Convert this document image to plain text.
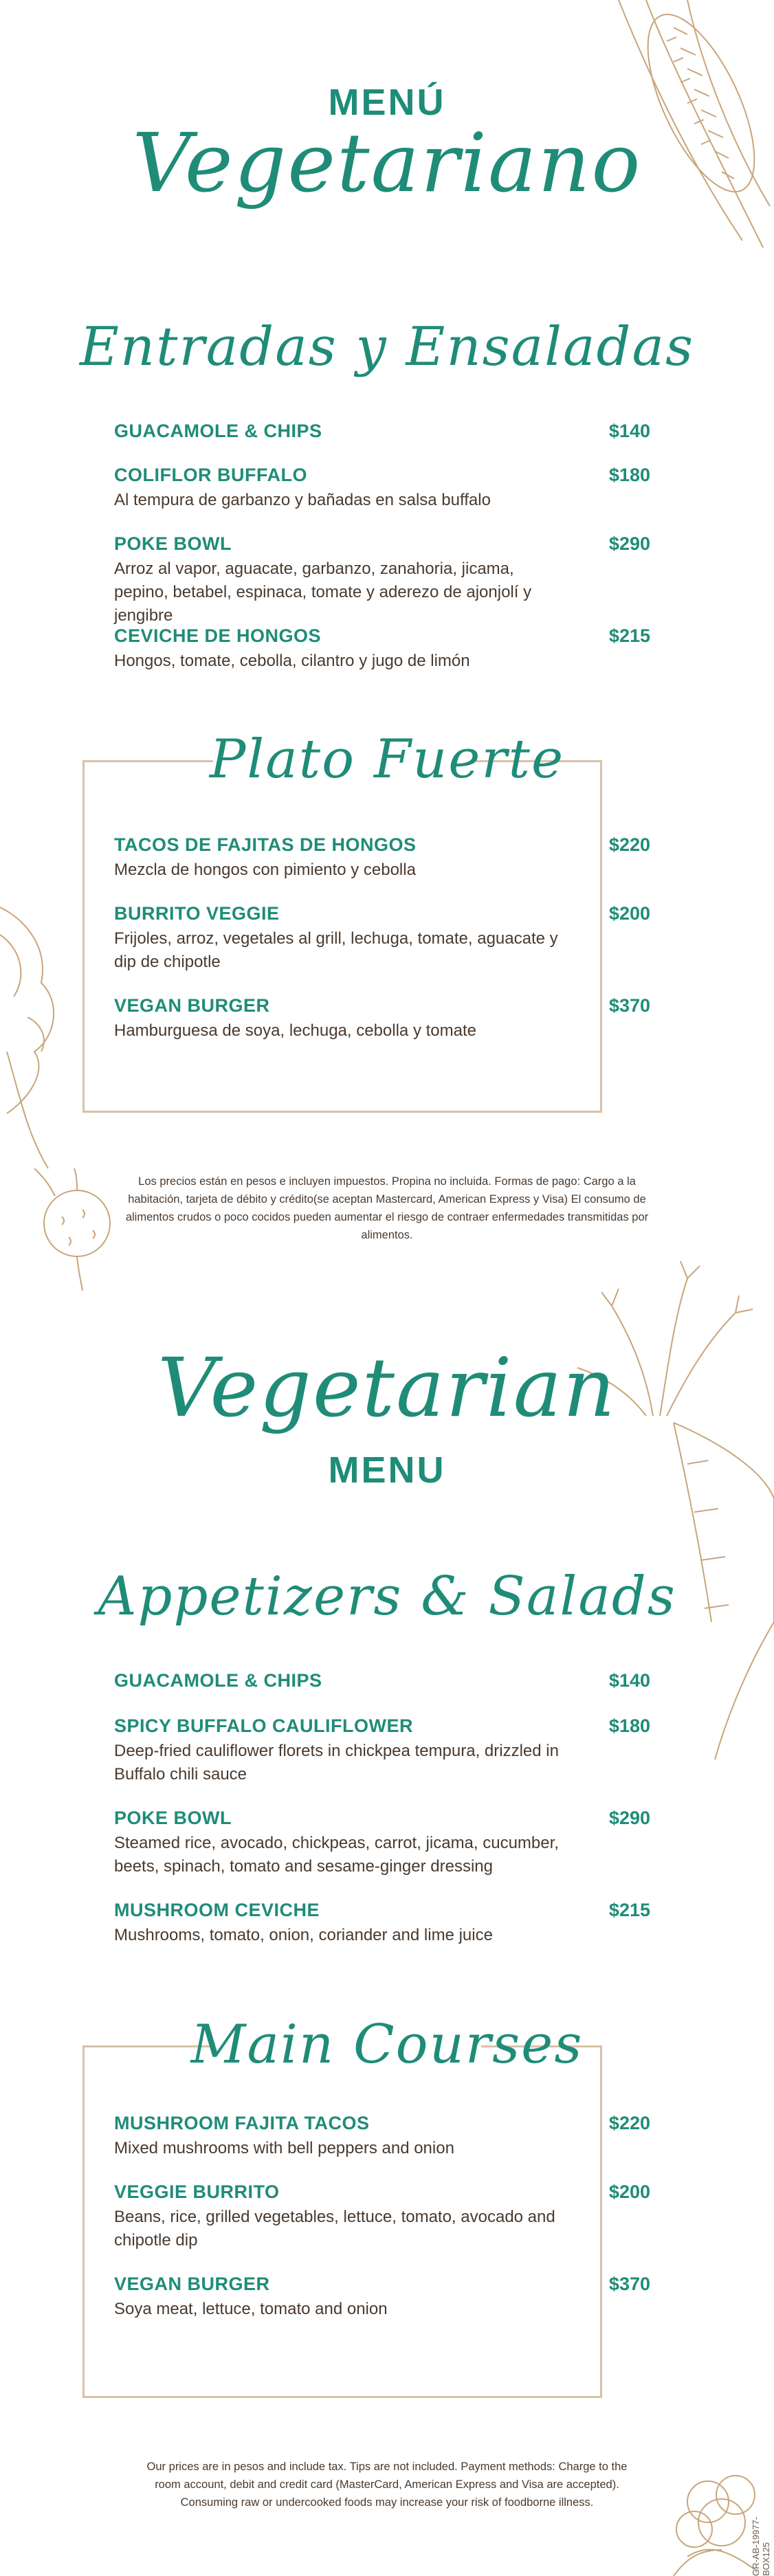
MENÚ
Vegetariano
Entradas y Ensaladas
GUACAMOLE & CHIPS	$140
COLIFLOR BUFFALO	$180
Al tempura de garbanzo y bañadas en salsa buffalo
POKE BOWL	$290
Arroz al vapor, aguacate, garbanzo, zanahoria, jicama, pepino, betabel, espinaca, tomate y aderezo de ajonjolí y jengibre
CEVICHE DE HONGOS	$215
Hongos, tomate, cebolla, cilantro y jugo de limón
Plato Fuerte
TACOS DE FAJITAS DE HONGOS	$220
Mezcla de hongos con pimiento y cebolla
BURRITO VEGGIE	$200
Frijoles, arroz, vegetales al grill, lechuga, tomate, aguacate y dip de chipotle
VEGAN BURGER	$370
Hamburguesa de soya, lechuga, cebolla y tomate
Los precios están en pesos e incluyen impuestos. Propina no incluida. Formas de pago: Cargo a la habitación, tarjeta de débito y crédito(se aceptan Mastercard, American Express y Visa) El consumo de alimentos crudos o poco cocidos pueden aumentar el riesgo de contraer enfermedades transmitidas por alimentos.
Vegetarian
MENU
Appetizers & Salads
GUACAMOLE & CHIPS	$140
SPICY BUFFALO CAULIFLOWER	$180
Deep-fried cauliflower florets in chickpea tempura, drizzled in Buffalo chili sauce
POKE BOWL	$290
Steamed rice, avocado, chickpeas, carrot, jicama, cucumber, beets, spinach, tomato and sesame-ginger dressing
MUSHROOM CEVICHE	$215
Mushrooms, tomato, onion, coriander and lime juice
Main Courses
MUSHROOM FAJITA TACOS	$220
Mixed mushrooms with bell peppers and onion
VEGGIE BURRITO	$200
Beans, rice, grilled vegetables, lettuce, tomato, avocado and chipotle dip
VEGAN BURGER	$370
Soya meat, lettuce, tomato and onion
Our prices are in pesos and include tax. Tips are not included. Payment methods: Charge to the room account, debit and credit card (MasterCard, American Express and Visa are accepted). Consuming raw or undercooked foods may increase your risk of foodborne illness.
GR-AB-19977-BOX125
